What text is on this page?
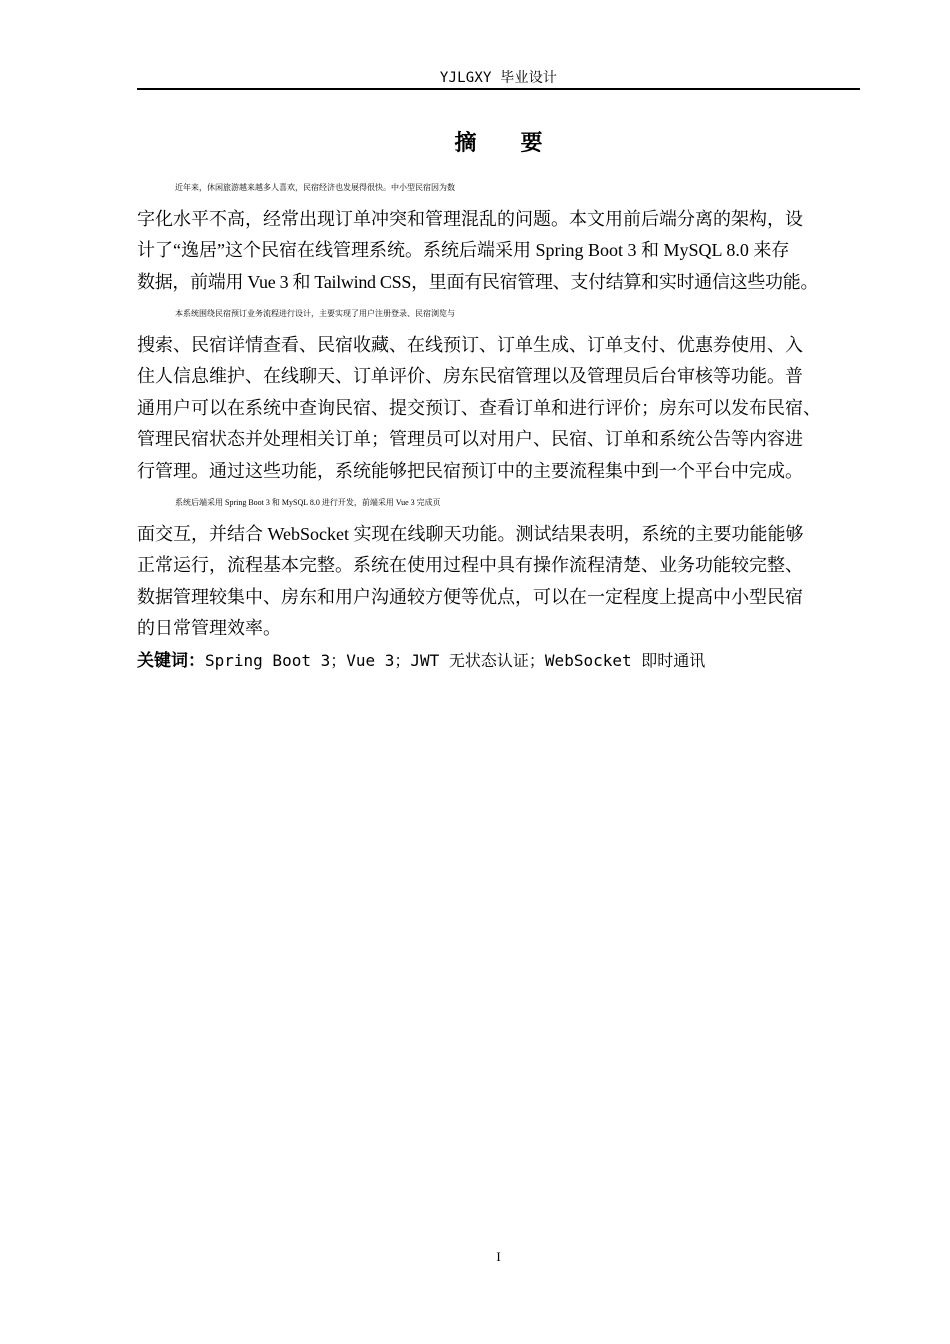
YJLGXY 毕业设计
摘要
近年来，休闲旅游越来越多人喜欢，民宿经济也发展得很快。中小型民宿因为数
字化水平不高，经常出现订单冲突和管理混乱的问题。本文用前后端分离的架构，设
计了“逸居”这个民宿在线管理系统。系统后端采用 Spring Boot 3 和 MySQL 8.0 来存
数据，前端用 Vue 3 和 Tailwind CSS，里面有民宿管理、支付结算和实时通信这些功能。
本系统围绕民宿预订业务流程进行设计，主要实现了用户注册登录、民宿浏览与
搜索、民宿详情查看、民宿收藏、在线预订、订单生成、订单支付、优惠券使用、入
住人信息维护、在线聊天、订单评价、房东民宿管理以及管理员后台审核等功能。普
通用户可以在系统中查询民宿、提交预订、查看订单和进行评价；房东可以发布民宿、
管理民宿状态并处理相关订单；管理员可以对用户、民宿、订单和系统公告等内容进
行管理。通过这些功能，系统能够把民宿预订中的主要流程集中到一个平台中完成。
系统后端采用 Spring Boot 3 和 MySQL 8.0 进行开发，前端采用 Vue 3 完成页
面交互，并结合 WebSocket 实现在线聊天功能。测试结果表明，系统的主要功能能够
正常运行，流程基本完整。系统在使用过程中具有操作流程清楚、业务功能较完整、
数据管理较集中、房东和用户沟通较方便等优点，可以在一定程度上提高中小型民宿
的日常管理效率。
关键词：Spring Boot 3；Vue 3；JWT 无状态认证；WebSocket 即时通讯
I
